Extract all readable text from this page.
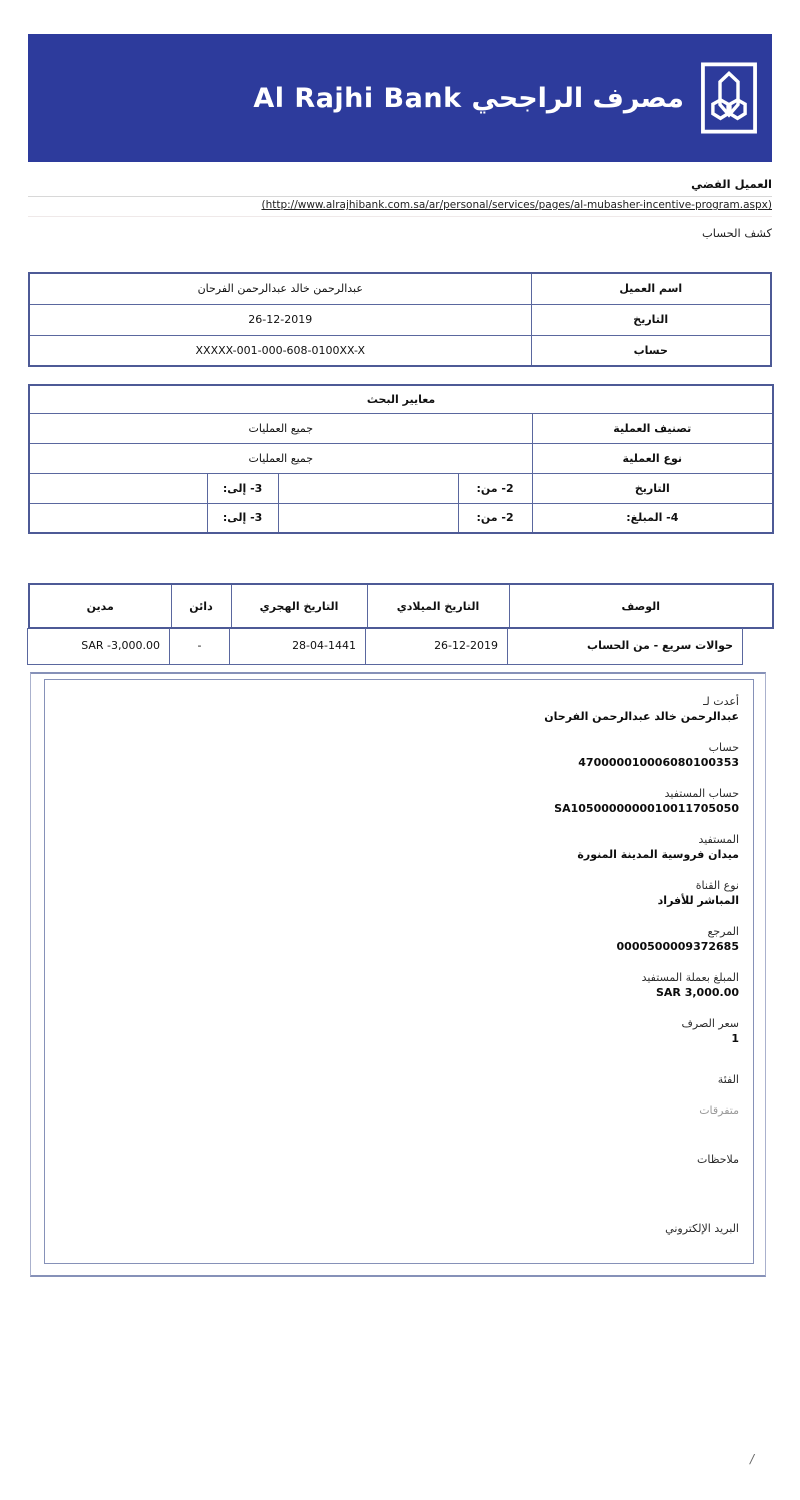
Al Rajhi Bank مصرف الراجحي
العميل الفضي
(http://www.alrajhibank.com.sa/ar/personal/services/pages/al-mubasher-incentive-program.aspx)
كشف الحساب
اسم العميل	عبدالرحمن خالد عبدالرحمن الفرحان
التاريخ	26-12-2019
حساب	XXXXX-001-000-608-0100XX-X
معايير البحث				
تصنيف العملية	جميع العمليات			
نوع العملية	جميع العمليات			
التاريخ	2- من:		3- إلى:	
4- المبلغ:	2- من:		3- إلى:	
الوصف	التاريخ الميلادي	التاريخ الهجري	دائن	مدين
حوالات سريع - من الحساب	26-12-2019	28-04-1441	-	SAR -3,000.00
أعدت لـ
عبدالرحمن خالد عبدالرحمن الفرحان
حساب
470000010006080100353
حساب المستفيد
SA1050000000010011705050
المستفيد
ميدان فروسية المدينة المنورة
نوع القناة
المباشر للأفراد
المرجع
0000500009372685
المبلغ بعملة المستفيد
SAR 3,000.00
سعر الصرف
1
الفئة
متفرقات
ملاحظات
البريد الإلكتروني
/
